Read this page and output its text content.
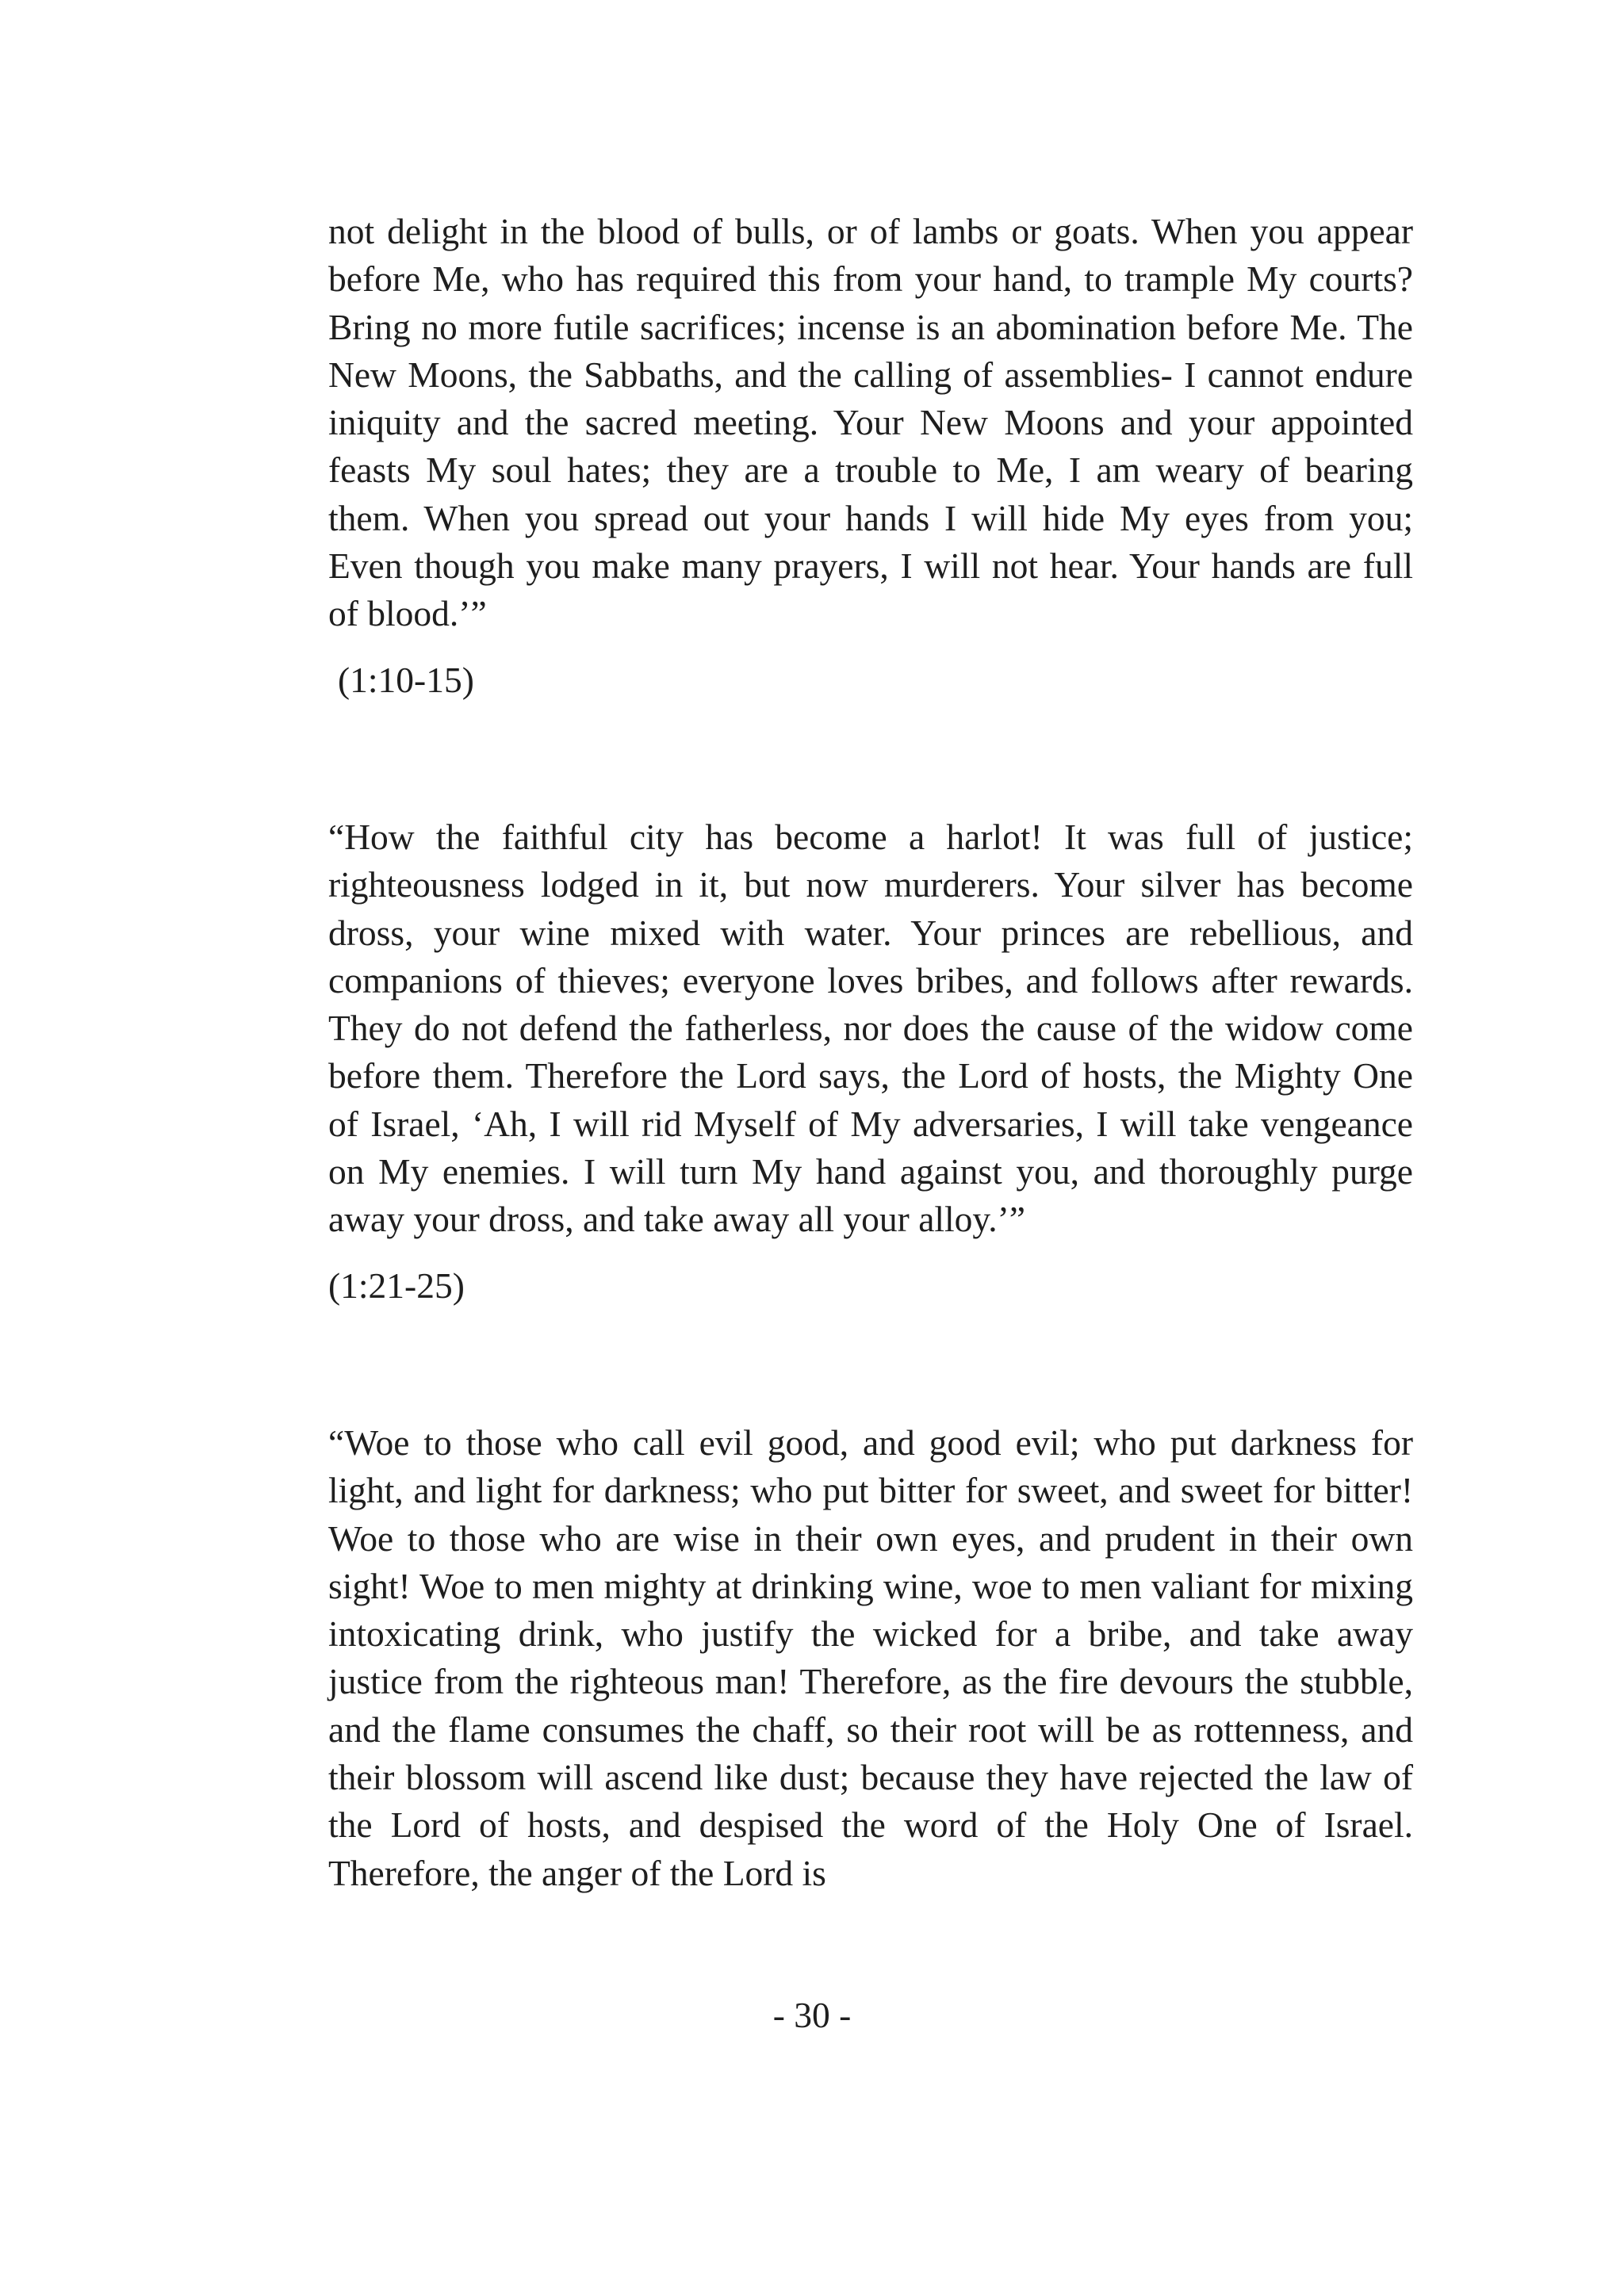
not delight in the blood of bulls, or of lambs or goats. When you appear before Me, who has required this from your hand, to trample My courts? Bring no more futile sacrifices; incense is an abomination before Me. The New Moons, the Sabbaths, and the calling of assemblies- I cannot endure iniquity and the sacred meeting. Your New Moons and your appointed feasts My soul hates; they are a trouble to Me, I am weary of bearing them. When you spread out your hands I will hide My eyes from you; Even though you make many prayers, I will not hear. Your hands are full of blood.’”

(1:10-15)

“How the faithful city has become a harlot! It was full of justice; righteousness lodged in it, but now murderers. Your silver has become dross, your wine mixed with water. Your princes are rebellious, and companions of thieves; everyone loves bribes, and follows after rewards. They do not defend the fatherless, nor does the cause of the widow come before them. Therefore the Lord says, the Lord of hosts, the Mighty One of Israel, ‘Ah, I will rid Myself of My adversaries, I will take vengeance on My enemies. I will turn My hand against you, and thoroughly purge away your dross, and take away all your alloy.’”

(1:21-25)

“Woe to those who call evil good, and good evil; who put darkness for light, and light for darkness; who put bitter for sweet, and sweet for bitter! Woe to those who are wise in their own eyes, and prudent in their own sight! Woe to men mighty at drinking wine, woe to men valiant for mixing intoxicating drink, who justify the wicked for a bribe, and take away justice from the righteous man! Therefore, as the fire devours the stubble, and the flame consumes the chaff, so their root will be as rottenness, and their blossom will ascend like dust; because they have rejected the law of the Lord of hosts, and despised the word of the Holy One of Israel. Therefore, the anger of the Lord is

- 30 -
